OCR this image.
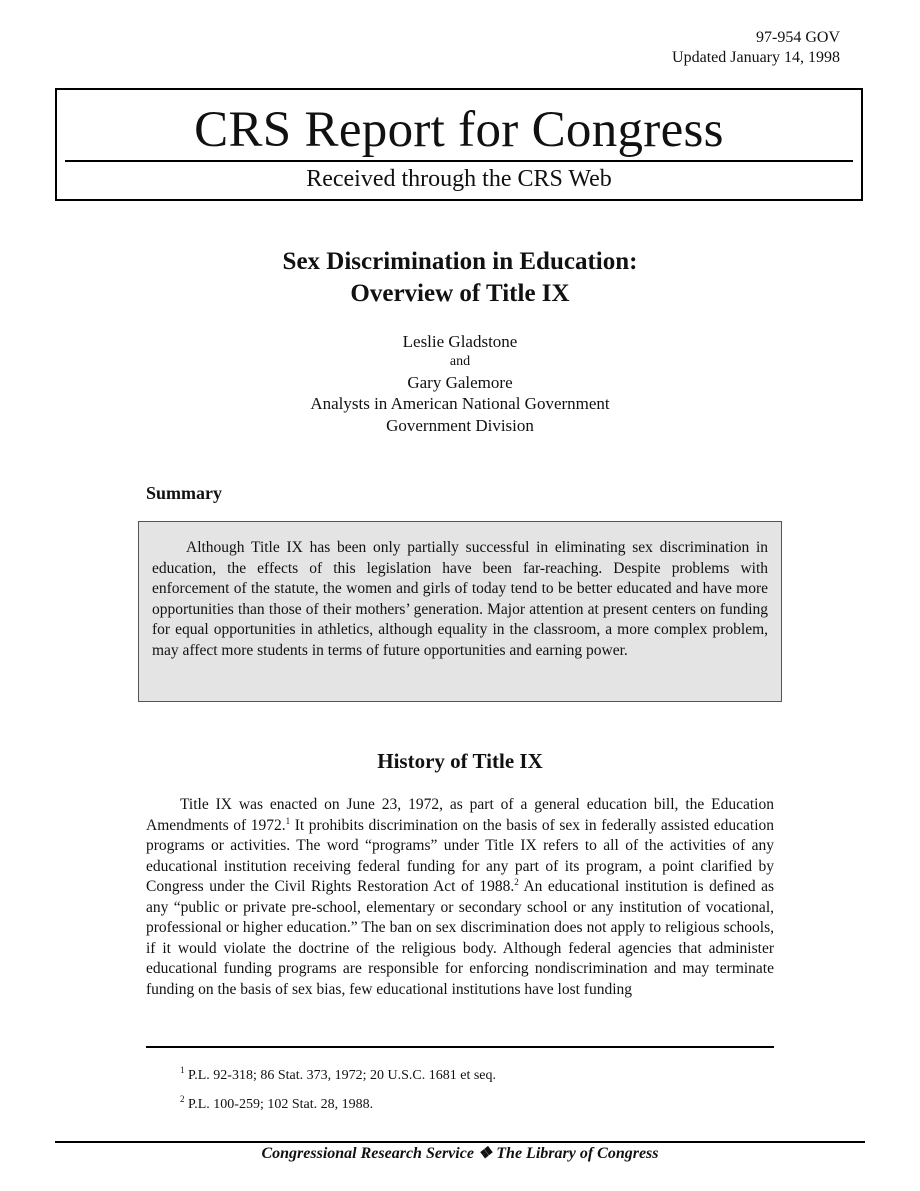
97-954 GOV
Updated January 14, 1998
CRS Report for Congress
Received through the CRS Web
Sex Discrimination in Education:
Overview of Title IX
Leslie Gladstone
and
Gary Galemore
Analysts in American National Government
Government Division
Summary

Although Title IX has been only partially successful in eliminating sex discrimination in education, the effects of this legislation have been far-reaching. Despite problems with enforcement of the statute, the women and girls of today tend to be better educated and have more opportunities than those of their mothers’ generation. Major attention at present centers on funding for equal opportunities in athletics, although equality in the classroom, a more complex problem, may affect more students in terms of future opportunities and earning power.

History of Title IX

Title IX was enacted on June 23, 1972, as part of a general education bill, the Education Amendments of 1972.$^1$ It prohibits discrimination on the basis of sex in federally assisted education programs or activities. The word “programs” under Title IX refers to all of the activities of any educational institution receiving federal funding for any part of its program, a point clarified by Congress under the Civil Rights Restoration Act of 1988.$^2$ An educational institution is defined as any “public or private pre-school, elementary or secondary school or any institution of vocational, professional or higher education.” The ban on sex discrimination does not apply to religious schools, if it would violate the doctrine of the religious body. Although federal agencies that administer educational funding programs are responsible for enforcing nondiscrimination and may terminate funding on the basis of sex bias, few educational institutions have lost funding

$^1$ P.L. 92-318; 86 Stat. 373, 1972; 20 U.S.C. 1681 et seq.
$^2$ P.L. 100-259; 102 Stat. 28, 1988.
Congressional Research Service ❖ The Library of Congress
